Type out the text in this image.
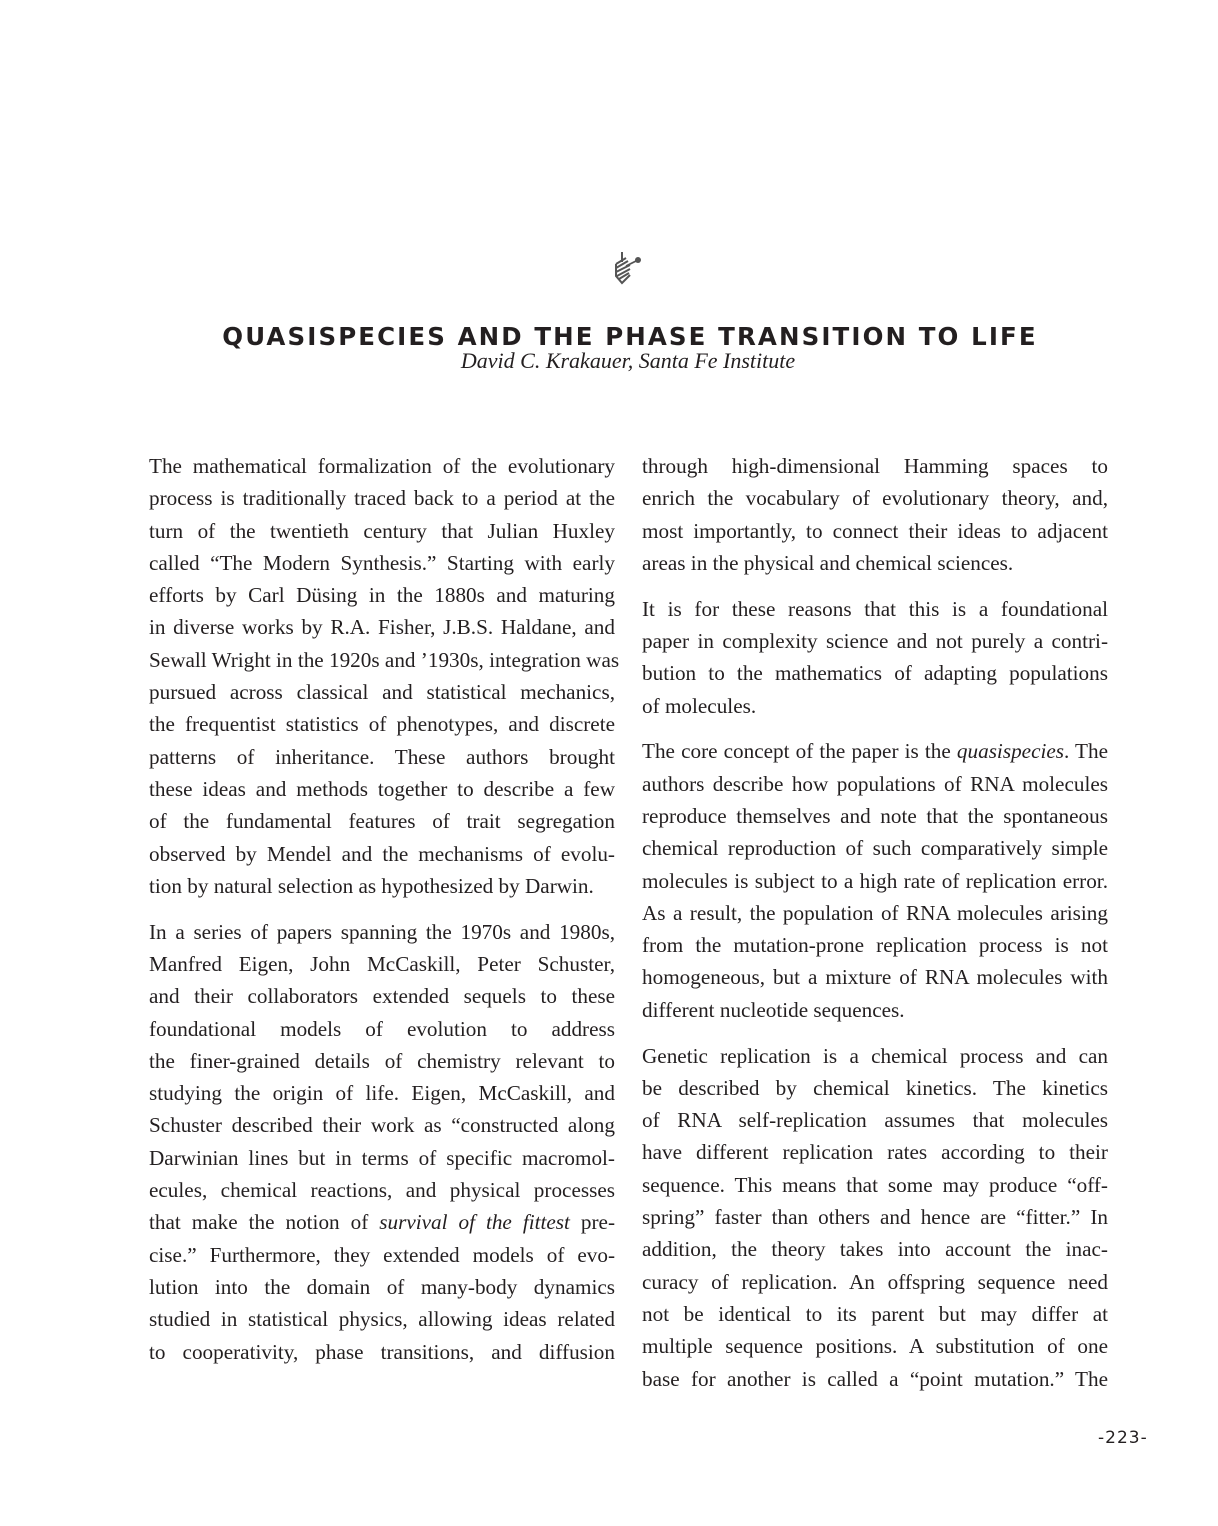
QUASISPECIES AND THE PHASE TRANSITION TO LIFE
David C. Krakauer, Santa Fe Institute
The mathematical formalization of the evolutionary
process is traditionally traced back to a period at the
turn of the twentieth century that Julian Huxley
called “The Modern Synthesis.” Starting with early
efforts by Carl Düsing in the 1880s and maturing
in diverse works by R.A. Fisher, J.B.S. Haldane, and
Sewall Wright in the 1920s and ’1930s, integration was
pursued across classical and statistical mechanics,
the frequentist statistics of phenotypes, and discrete
patterns of inheritance. These authors brought
these ideas and methods together to describe a few
of the fundamental features of trait segregation
observed by Mendel and the mechanisms of evolu-
tion by natural selection as hypothesized by Darwin.
In a series of papers spanning the 1970s and 1980s,
Manfred Eigen, John McCaskill, Peter Schuster,
and their collaborators extended sequels to these
foundational models of evolution to address
the finer-grained details of chemistry relevant to
studying the origin of life. Eigen, McCaskill, and
Schuster described their work as “constructed along
Darwinian lines but in terms of specific macromol-
ecules, chemical reactions, and physical processes
that make the notion of survival of the fittest pre-
cise.” Furthermore, they extended models of evo-
lution into the domain of many-body dynamics
studied in statistical physics, allowing ideas related
to cooperativity, phase transitions, and diffusion
through high-dimensional Hamming spaces to
enrich the vocabulary of evolutionary theory, and,
most importantly, to connect their ideas to adjacent
areas in the physical and chemical sciences.
It is for these reasons that this is a foundational
paper in complexity science and not purely a contri-
bution to the mathematics of adapting populations
of molecules.
The core concept of the paper is the quasispecies. The
authors describe how populations of RNA molecules
reproduce themselves and note that the spontaneous
chemical reproduction of such comparatively simple
molecules is subject to a high rate of replication error.
As a result, the population of RNA molecules arising
from the mutation-prone replication process is not
homogeneous, but a mixture of RNA molecules with
different nucleotide sequences.
Genetic replication is a chemical process and can
be described by chemical kinetics. The kinetics
of RNA self-replication assumes that molecules
have different replication rates according to their
sequence. This means that some may produce “off-
spring” faster than others and hence are “fitter.” In
addition, the theory takes into account the inac-
curacy of replication. An offspring sequence need
not be identical to its parent but may differ at
multiple sequence positions. A substitution of one
base for another is called a “point mutation.” The
-223-
